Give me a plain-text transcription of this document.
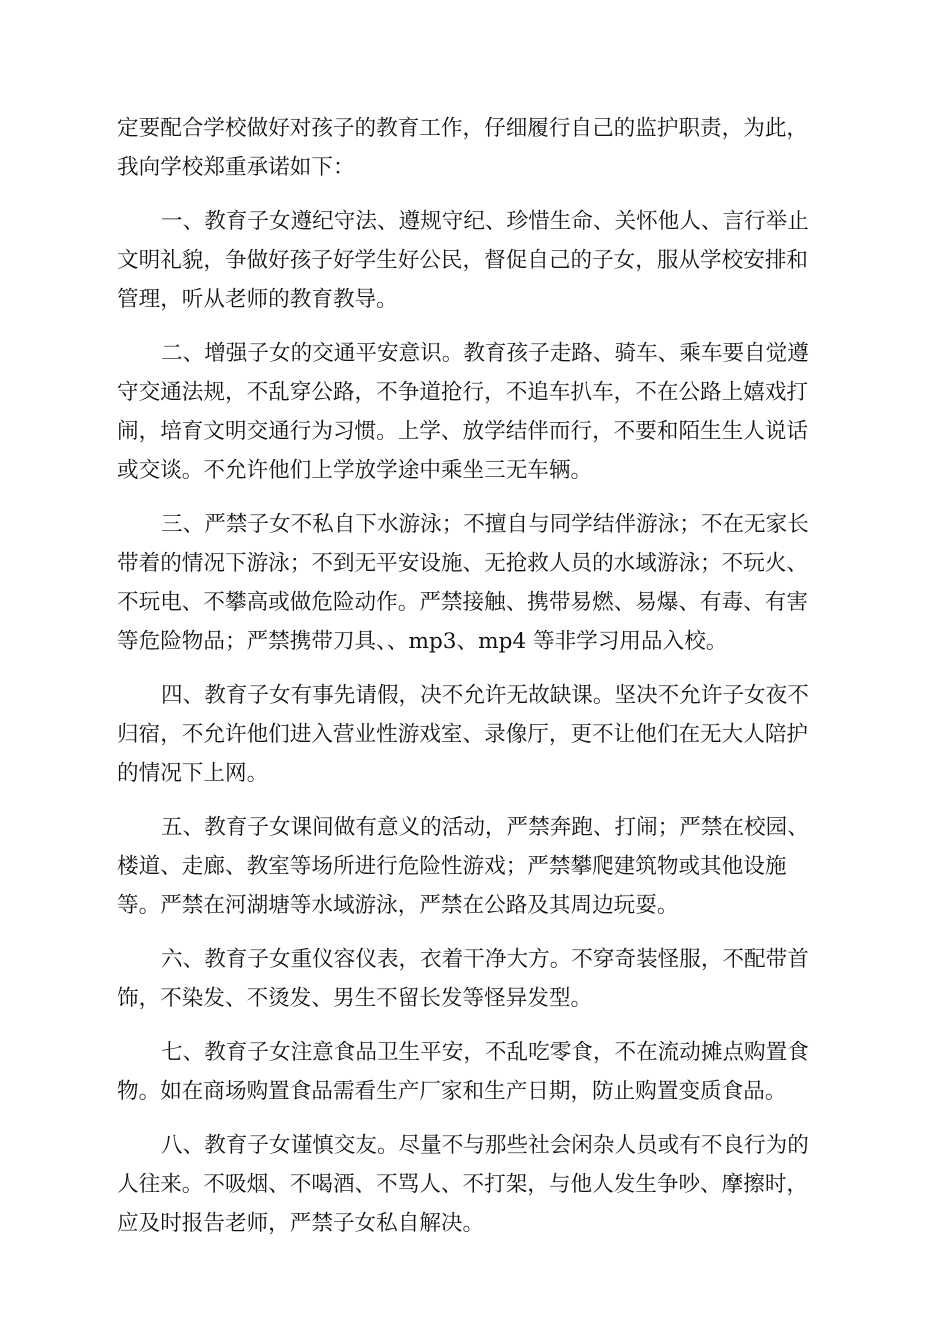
定要配合学校做好对孩子的教育工作，仔细履行自己的监护职责，为此，
我向学校郑重承诺如下：

一、教育子女遵纪守法、遵规守纪、珍惜生命、关怀他人、言行举止
文明礼貌，争做好孩子好学生好公民，督促自己的子女，服从学校安排和
管理，听从老师的教育教导。

二、增强子女的交通平安意识。教育孩子走路、骑车、乘车要自觉遵
守交通法规，不乱穿公路，不争道抢行，不追车扒车，不在公路上嬉戏打
闹，培育文明交通行为习惯。上学、放学结伴而行，不要和陌生生人说话
或交谈。不允许他们上学放学途中乘坐三无车辆。

三、严禁子女不私自下水游泳；不擅自与同学结伴游泳；不在无家长
带着的情况下游泳；不到无平安设施、无抢救人员的水域游泳；不玩火、
不玩电、不攀高或做危险动作。严禁接触、携带易燃、易爆、有毒、有害
等危险物品；严禁携带刀具、、mp3、mp4 等非学习用品入校。

四、教育子女有事先请假，决不允许无故缺课。坚决不允许子女夜不
归宿，不允许他们进入营业性游戏室、录像厅，更不让他们在无大人陪护
的情况下上网。

五、教育子女课间做有意义的活动，严禁奔跑、打闹；严禁在校园、
楼道、走廊、教室等场所进行危险性游戏；严禁攀爬建筑物或其他设施
等。严禁在河湖塘等水域游泳，严禁在公路及其周边玩耍。

六、教育子女重仪容仪表，衣着干净大方。不穿奇装怪服，不配带首
饰，不染发、不烫发、男生不留长发等怪异发型。

七、教育子女注意食品卫生平安，不乱吃零食，不在流动摊点购置食
物。如在商场购置食品需看生产厂家和生产日期，防止购置变质食品。

八、教育子女谨慎交友。尽量不与那些社会闲杂人员或有不良行为的
人往来。不吸烟、不喝酒、不骂人、不打架，与他人发生争吵、摩擦时，
应及时报告老师，严禁子女私自解决。
